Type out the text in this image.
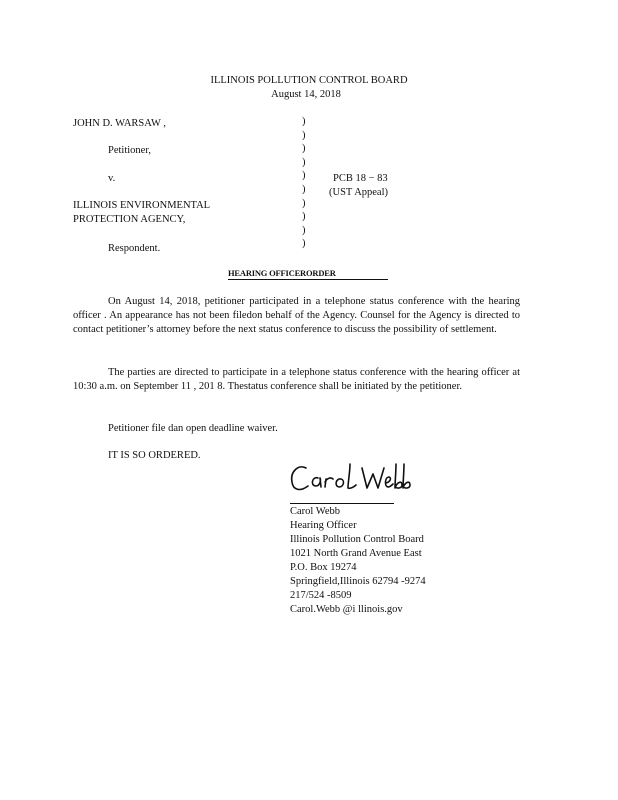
ILLINOIS POLLUTION CONTROL BOARD
August 14, 2018
JOHN D. WARSAW ,
Petitioner,
v.
ILLINOIS ENVIRONMENTAL
PROTECTION AGENCY,
Respondent.
)
)
)
)
)
)
)
)
)
)
PCB 18 − 83
(UST Appeal)
HEARING OFFICERORDER

On August 14, 2018, petitioner participated in a telephone status conference with the hearing officer . An appearance has not been filedon behalf of the Agency. Counsel for the Agency is directed to contact petitioner’s attorney before the next status conference to discuss the possibility of settlement.

The parties are directed to participate in a telephone status conference with the hearing officer at 10:30 a.m. on September 11 , 201 8. Thestatus conference shall be initiated by the petitioner.

Petitioner file dan open deadline waiver.
IT IS SO ORDERED.
Carol Webb
Hearing Officer
Illinois Pollution Control Board
1021 North Grand Avenue East
P.O. Box 19274
Springfield,Illinois 62794 -9274
217/524 -8509
Carol.Webb @i llinois.gov
